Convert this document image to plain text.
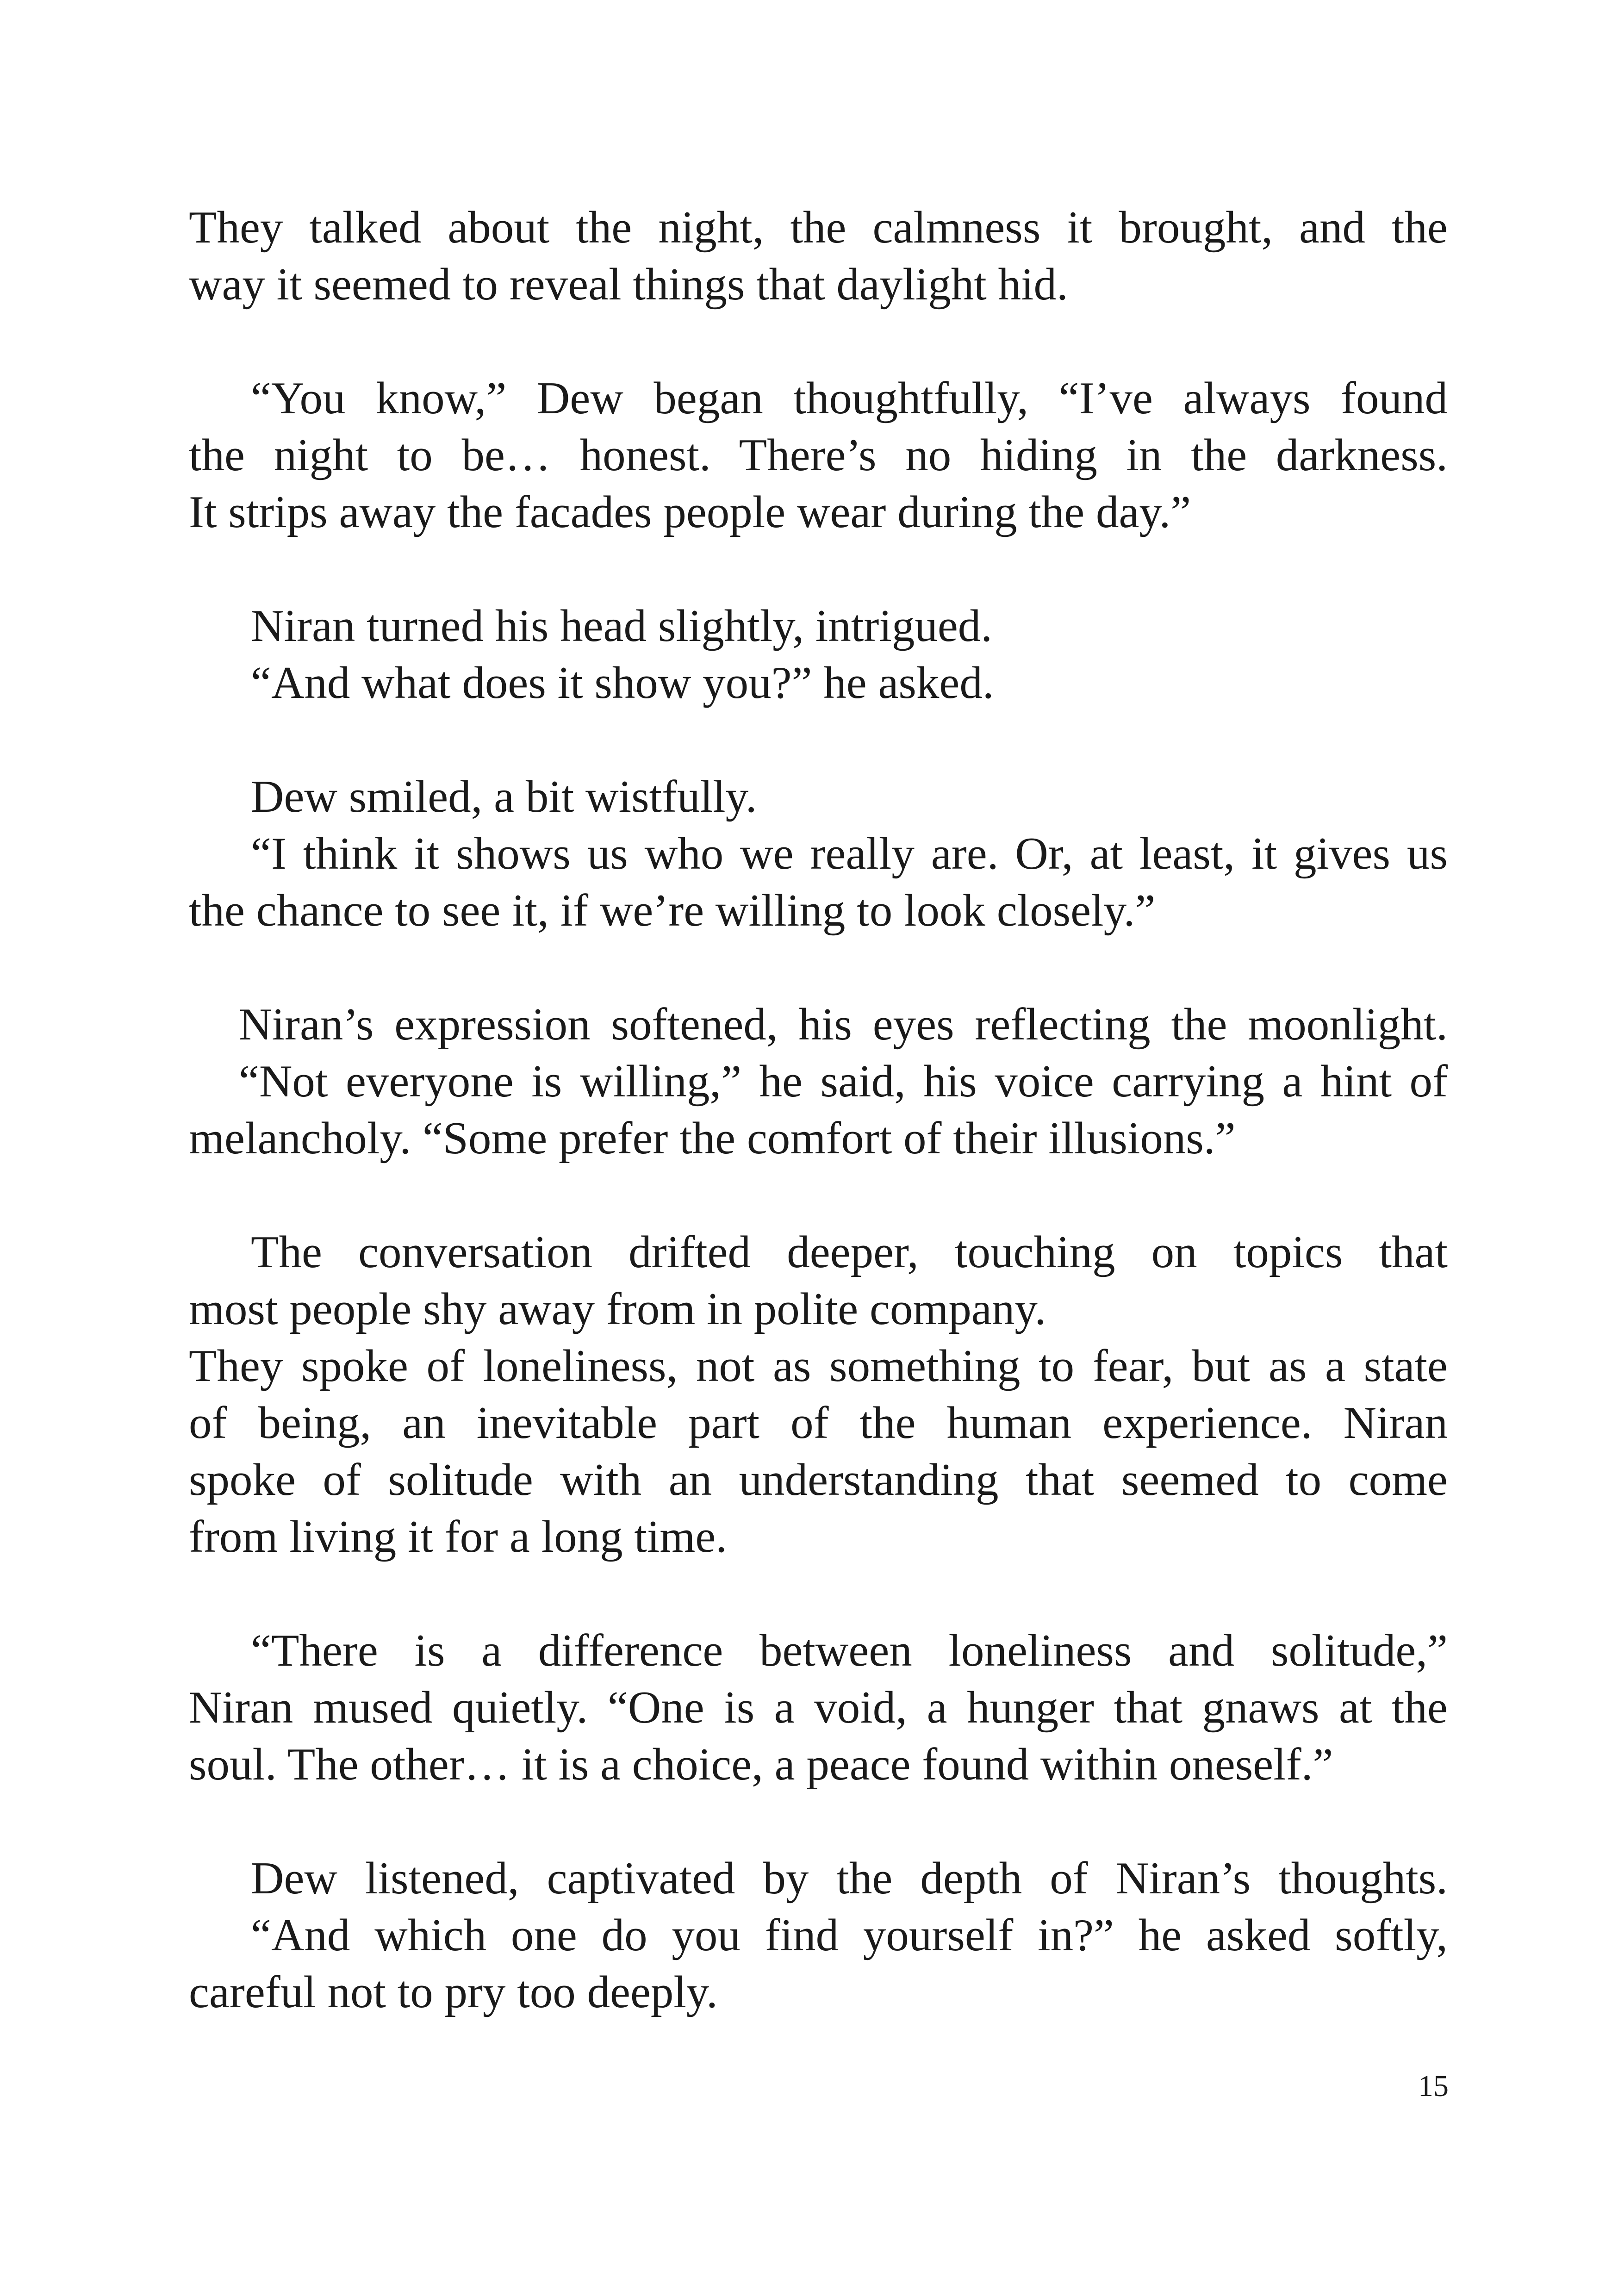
They talked about the night, the calmness it brought, and the
way it seemed to reveal things that daylight hid.

“You know,” Dew began thoughtfully, “I’ve always found
the night to be… honest. There’s no hiding in the darkness.
It strips away the facades people wear during the day.”

Niran turned his head slightly, intrigued.
“And what does it show you?” he asked.

Dew smiled, a bit wistfully.
“I think it shows us who we really are. Or, at least, it gives us
the chance to see it, if we’re willing to look closely.”

Niran’s expression softened, his eyes reflecting the moonlight.
“Not everyone is willing,” he said, his voice carrying a hint of
melancholy. “Some prefer the comfort of their illusions.”

The conversation drifted deeper, touching on topics that
most people shy away from in polite company.
They spoke of loneliness, not as something to fear, but as a state
of being, an inevitable part of the human experience. Niran
spoke of solitude with an understanding that seemed to come
from living it for a long time.

“There is a difference between loneliness and solitude,”
Niran mused quietly. “One is a void, a hunger that gnaws at the
soul. The other… it is a choice, a peace found within oneself.”

Dew listened, captivated by the depth of Niran’s thoughts.
“And which one do you find yourself in?” he asked softly,
careful not to pry too deeply.

15
